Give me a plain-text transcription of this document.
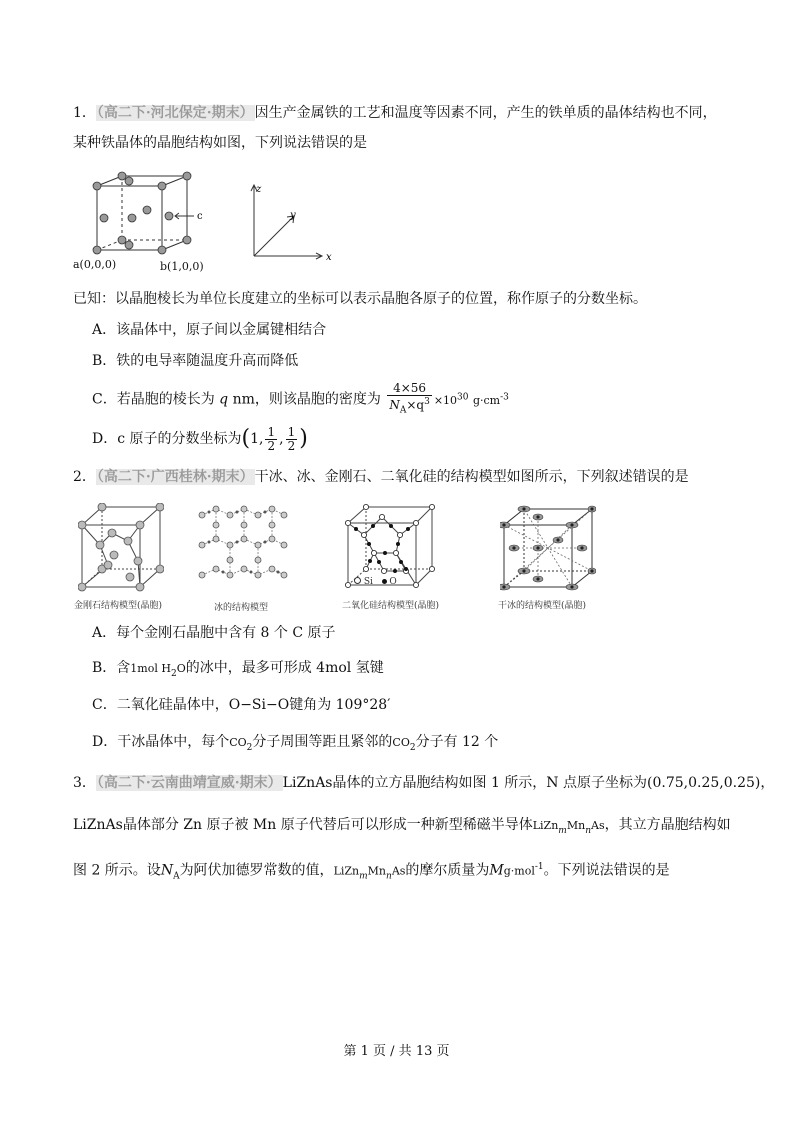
1．（高二下·河北保定·期末）因生产金属铁的工艺和温度等因素不同，产生的铁单质的晶体结构也不同，
某种铁晶体的晶胞结构如图，下列说法错误的是
c
a(0,0,0)	b(1,0,0)
z
y
x
已知：以晶胞棱长为单位长度建立的坐标可以表示晶胞各原子的位置，称作原子的分数坐标。
A．该晶体中，原子间以金属键相结合
B．铁的电导率随温度升高而降低
C．若晶胞的棱长为 q nm，则该晶胞的密度为 $\frac{4\times 56}{N_A\times q^3} \times 10^{30}$ $g\cdot cm^{-3}$
D．c 原子的分数坐标为(1, $\frac{1}{2}$ , $\frac{1}{2}$ )
2．（高二下·广西桂林·期末）干冰、冰、金刚石、二氧化硅的结构模型如图所示，下列叙述错误的是
金刚石结构模型(晶胞)	冰的结构模型
Si O
二氧化硅结构模型(晶胞)	干冰的结构模型(晶胞)
A．每个金刚石晶胞中含有 8 个 C 原子
B．含1mol $H_2O$的冰中，最多可形成 4mol 氢键
C．二氧化硅晶体中，O−Si−O键角为 109°28′
D．干冰晶体中，每个$CO_2$分子周围等距且紧邻的$CO_2$分子有 12 个
3．（高二下·云南曲靖宣威·期末）LiZnAs晶体的立方晶胞结构如图 1 所示，N 点原子坐标为(0.75,0.25,0.25)，
LiZnAs晶体部分 Zn 原子被 Mn 原子代替后可以形成一种新型稀磁半导体$LiZn_mMn_nAs$，其立方晶胞结构如
图 2 所示。设$N_A$为阿伏加德罗常数的值，$LiZn_mMn_nAs$的摩尔质量为Mg·mol$^{-1}$。下列说法错误的是
第 1 页 / 共 13 页
